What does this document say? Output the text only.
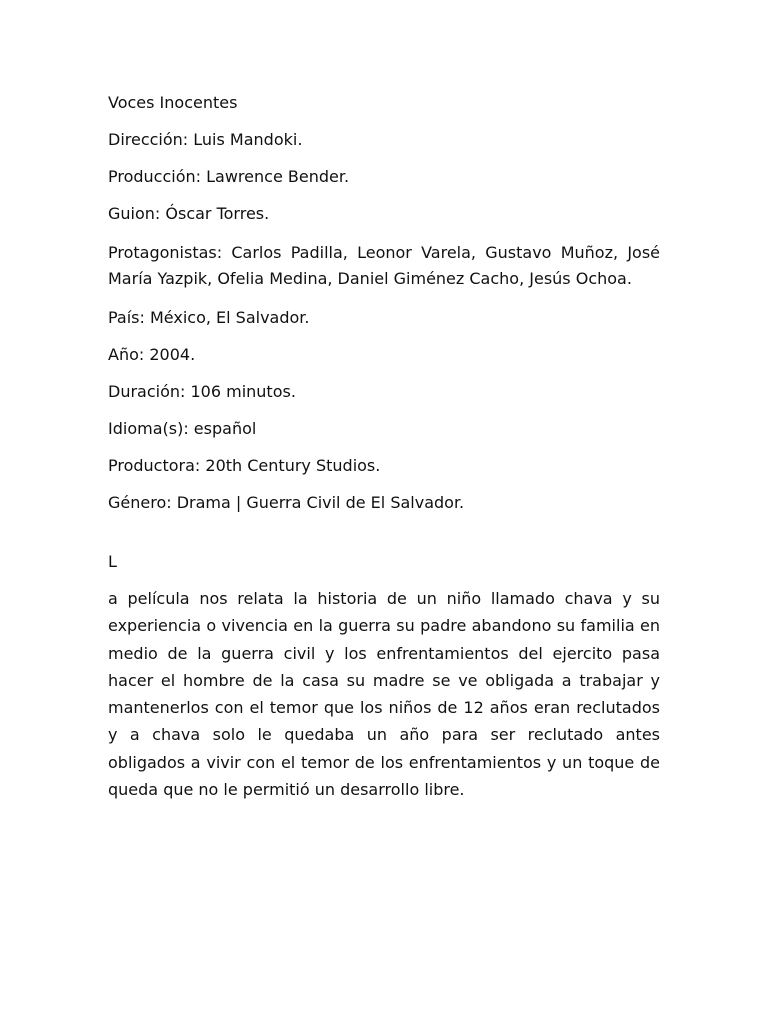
Voces Inocentes

Dirección: Luis Mandoki.

Producción: Lawrence Bender.

Guion: Óscar Torres.

Protagonistas: Carlos Padilla, Leonor Varela, Gustavo Muñoz, José María Yazpik, Ofelia Medina, Daniel Giménez Cacho, Jesús Ochoa.

País: México, El Salvador.

Año: 2004.

Duración: 106 minutos.

Idioma(s): español

Productora: 20th Century Studios.

Género: Drama | Guerra Civil de El Salvador.

L

a película nos relata la historia de un niño llamado chava y su experiencia o vivencia en la guerra su padre abandono su familia en medio de la guerra civil y los enfrentamientos del ejercito pasa hacer el hombre de la casa su madre se ve obligada a trabajar y mantenerlos con el temor que los niños de 12 años eran reclutados y a chava solo le quedaba un año para ser reclutado antes obligados a vivir con el temor de los enfrentamientos y un toque de queda que no le permitió un desarrollo libre.
